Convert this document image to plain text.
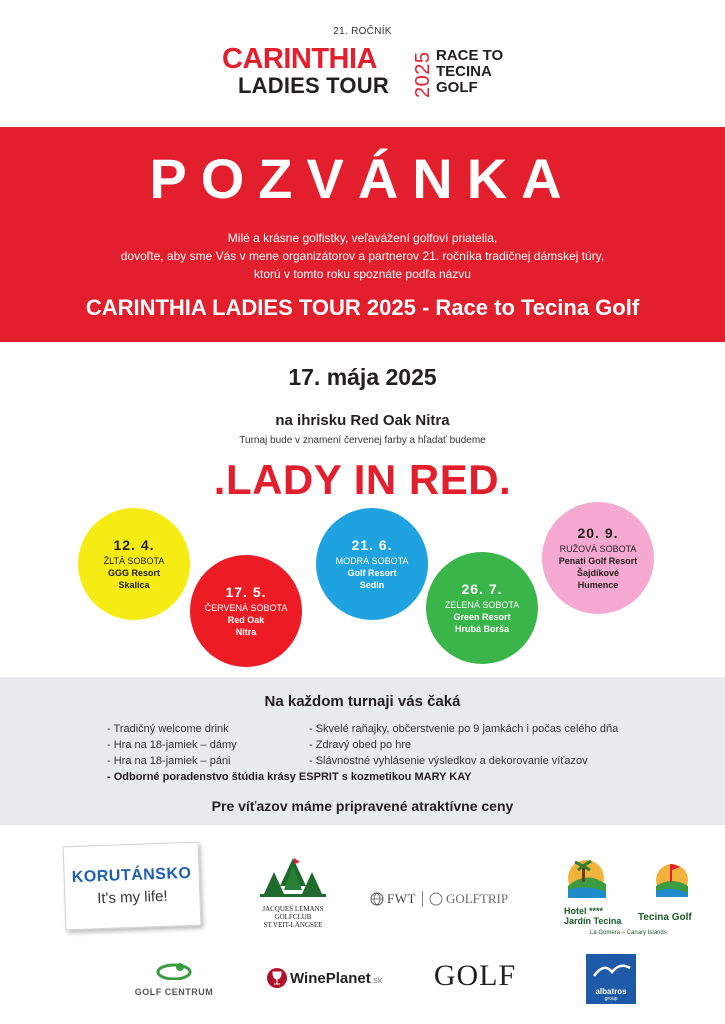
21. ROČNÍK
CARINTHIA
LADIES TOUR 2025 RACE TO
TECINA
GOLF
POZVÁNKA
Milé a krásne golfistky, veľavážení golfoví priatelia,
dovoľte, aby sme Vás v mene organizátorov a partnerov 21. ročníka tradičnej dámskej túry,
ktorú v tomto roku spoznáte podľa názvu
CARINTHIA LADIES TOUR 2025 - Race to Tecina Golf
17. mája 2025
na ihrisku Red Oak Nitra
Turnaj bude v znamení červenej farby a hľadať budeme
.LADY IN RED.
12. 4.
ŽLTÁ SOBOTA
GGG Resort
Skalica	17. 5.
ČERVENÁ SOBOTA
Red Oak
Nitra
21. 6.
MODRÁ SOBOTA
Golf Resort
Sedin	26. 7.
ZELENÁ SOBOTA
Green Resort
Hrubá Borša
20. 9.
RUŽOVÁ SOBOTA
Penati Golf Resort
Šajdíkové
Humence
Na každom turnaji vás čaká
- Tradičný welcome drink
- Hra na 18-jamiek – dámy
- Hra na 18-jamiek – páni
- Skvelé raňajky, občerstvenie po 9 jamkách i počas celého dňa
- Zdravý obed po hre
- Slávnostné vyhlásenie výsledkov a dekorovanie víťazov
- Odborné poradenstvo štúdia krásy ESPRIT s kozmetikou MARY KAY
Pre víťazov máme pripravené atraktívne ceny
KORUTÁNSKO
It's my life!
JACQUES LEMANS
GOLFCLUB
ST.VEIT-LÄNGSEE
FWT GOLFTRIP
Hotel ****
Jardín Tecina Tecina Golf
La Gomera – Canary Islands
GOLF CENTRUM
WinePlanet .sk	GOLF	albatros
group
